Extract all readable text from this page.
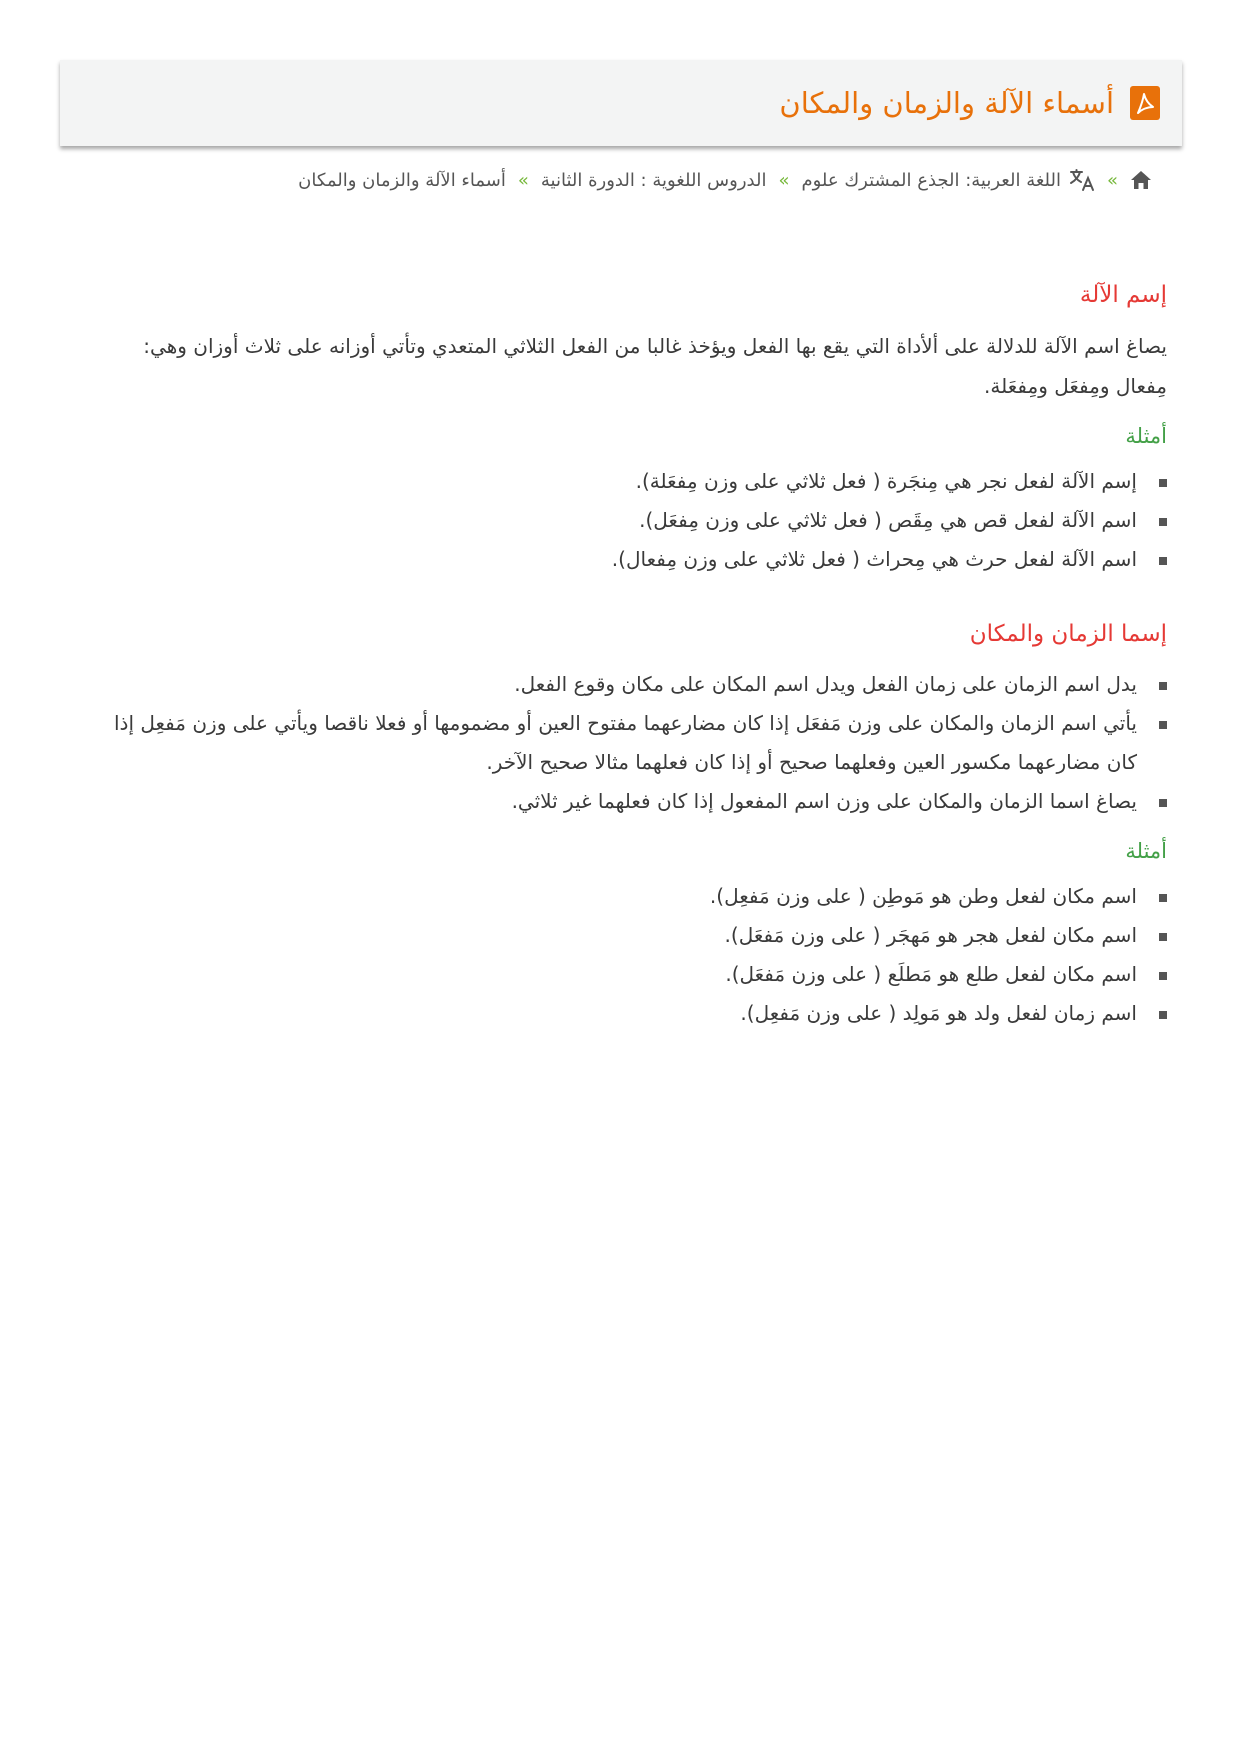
أسماء الآلة والزمان والمكان
»
اللغة العربية: الجذع المشترك علوم
»
الدروس اللغوية : الدورة الثانية
»
أسماء الآلة والزمان والمكان
إسم الآلة

يصاغ اسم الآلة للدلالة على ألأداة التي يقع بها الفعل ويؤخذ غالبا من الفعل الثلاثي المتعدي وتأتي أوزانه على ثلاث أوزان وهي: مِفعال ومِفعَل ومِفعَلة.

أمثلة
إسم الآلة لفعل نجر هي مِنجَرة ( فعل ثلاثي على وزن مِفعَلة).
اسم الآلة لفعل قص هي مِقَص ( فعل ثلاثي على وزن مِفعَل).
اسم الآلة لفعل حرث هي مِحراث ( فعل ثلاثي على وزن مِفعال).
إسما الزمان والمكان
يدل اسم الزمان على زمان الفعل ويدل اسم المكان على مكان وقوع الفعل.
يأتي اسم الزمان والمكان على وزن مَفعَل إذا كان مضارعهما مفتوح العين أو مضمومها أو فعلا ناقصا ويأتي على وزن مَفعِل إذا كان مضارعهما مكسور العين وفعلهما صحيح أو إذا كان فعلهما مثالا صحيح الآخر.
يصاغ اسما الزمان والمكان على وزن اسم المفعول إذا كان فعلهما غير ثلاثي.
أمثلة
اسم مكان لفعل وطن هو مَوطِن ( على وزن مَفعِل).
اسم مكان لفعل هجر هو مَهجَر ( على وزن مَفعَل).
اسم مكان لفعل طلع هو مَطلَع ( على وزن مَفعَل).
اسم زمان لفعل ولد هو مَولِد ( على وزن مَفعِل).
